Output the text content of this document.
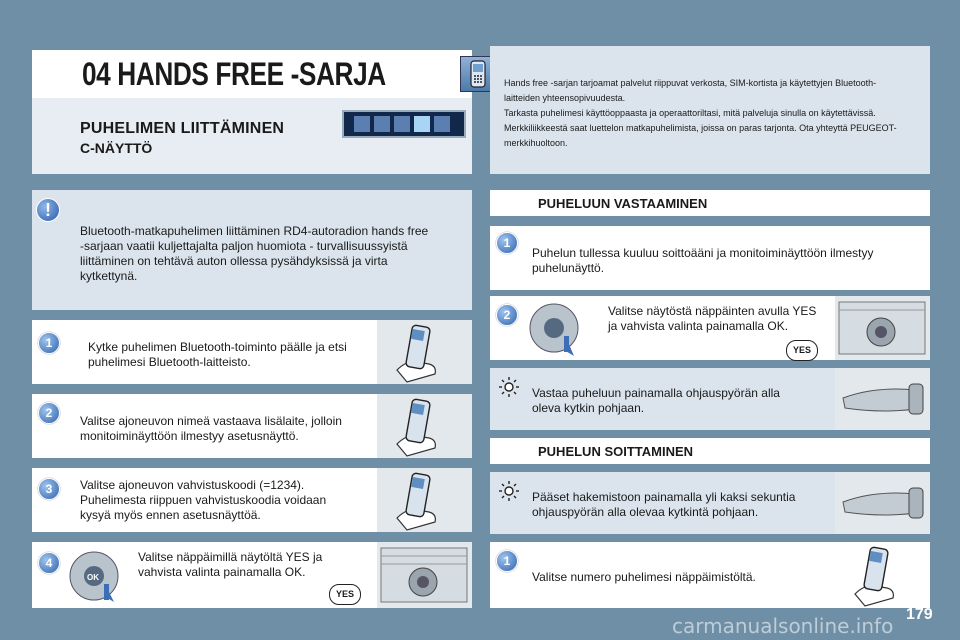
04 HANDS FREE -SARJA
PUHELIMEN LIITTÄMINEN
C-NÄYTTÖ
Hands free -sarjan tarjoamat palvelut riippuvat verkosta, SIM-kortista ja käytettyjen Bluetooth-
laitteiden yhteensopivuudesta.
Tarkasta puhelimesi käyttöoppaasta ja operaattoriltasi, mitä palveluja sinulla on käytettävissä.
Merkkiliikkeestä saat luettelon matkapuhelimista, joissa on paras tarjonta. Ota yhteyttä PEUGEOT-
merkkihuoltoon.
Bluetooth-matkapuhelimen liittäminen RD4-autoradion hands free
-sarjaan vaatii kuljettajalta paljon huomiota - turvallisuussyistä
liittäminen on tehtävä auton ollessa pysähdyksissä ja virta
kytkettynä.
!
Kytke puhelimen Bluetooth-toiminto päälle ja etsi
puhelimesi Bluetooth-laitteisto.
1
Valitse ajoneuvon nimeä vastaava lisälaite, jolloin
monitoiminäyttöön ilmestyy asetusnäyttö.
2
Valitse ajoneuvon vahvistuskoodi (=1234).
Puhelimesta riippuen vahvistuskoodia voidaan
kysyä myös ennen asetusnäyttöä.
3
OK
Valitse näppäimillä näytöltä YES ja
vahvista valinta painamalla OK.
YES
4
PUHELUUN VASTAAMINEN
Puhelun tullessa kuuluu soittoääni ja monitoiminäyttöön ilmestyy
puhelunäyttö.
1
Valitse näytöstä näppäinten avulla YES
ja vahvista valinta painamalla OK.
YES
2
Vastaa puheluun painamalla ohjauspyörän alla
oleva kytkin pohjaan.
PUHELUN SOITTAMINEN
Pääset hakemistoon painamalla yli kaksi sekuntia
ohjauspyörän alla olevaa kytkintä pohjaan.
Valitse numero puhelimesi näppäimistöltä.
1
carmanualsonline.info 179
